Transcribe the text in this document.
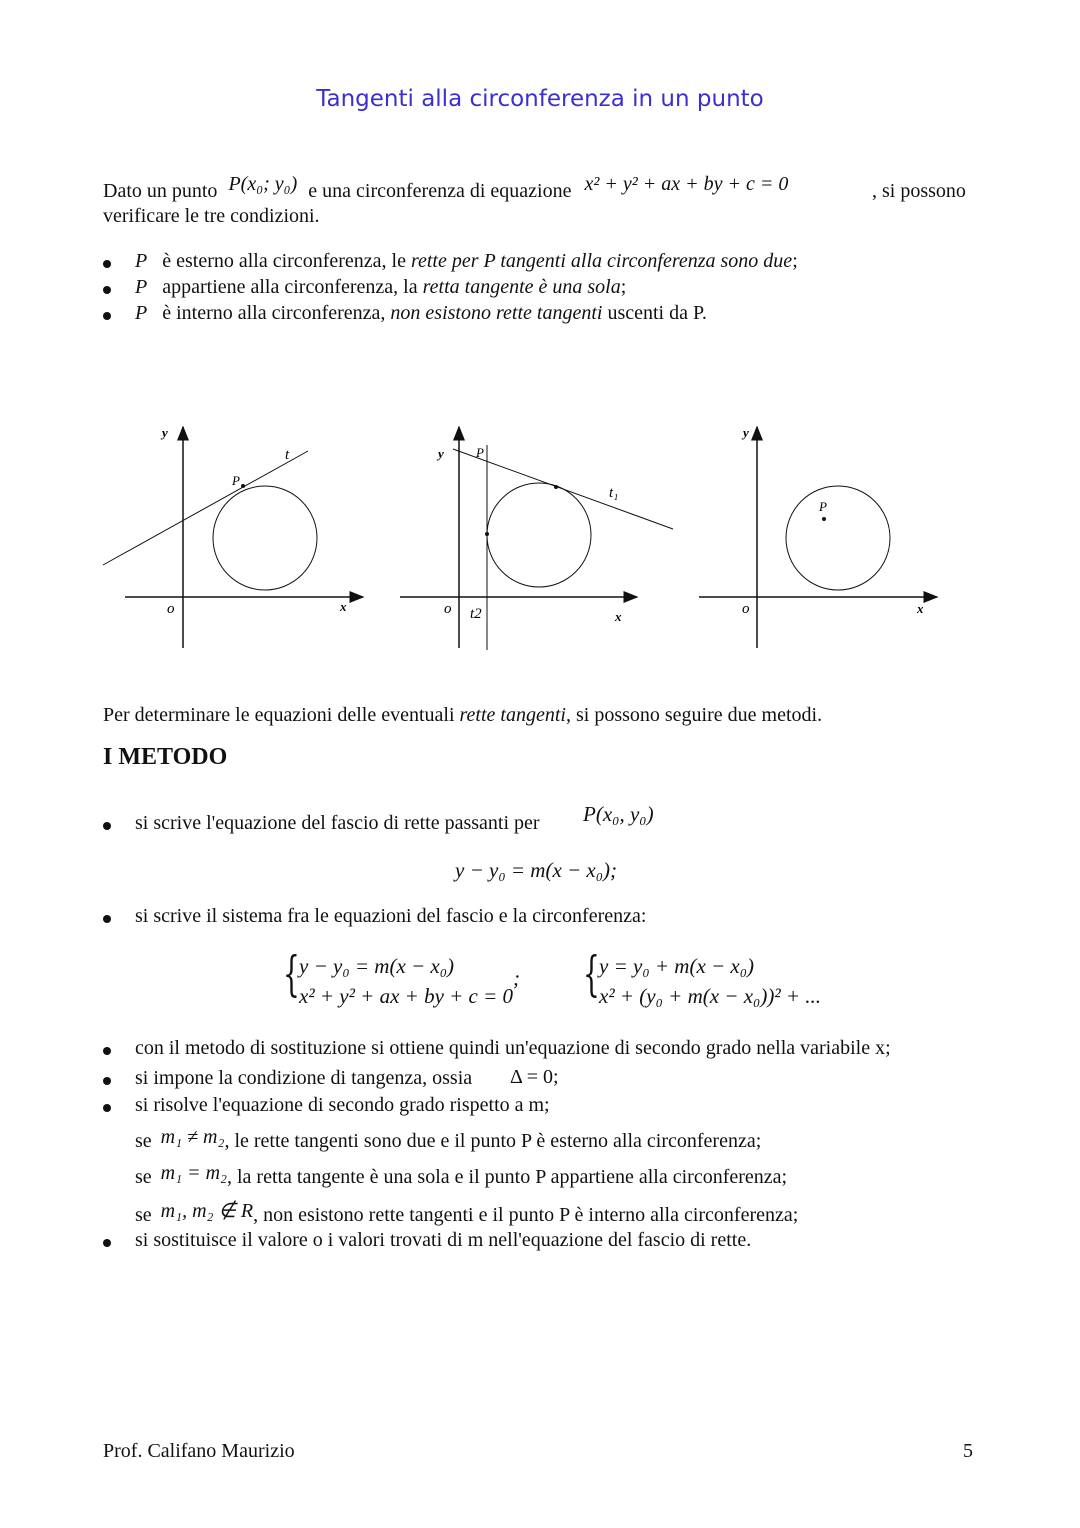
Tangenti alla circonferenza in un punto
Dato un punto P(x₀; y₀) e una circonferenza di equazione x² + y² + ax + by + c = 0	, si possono
verificare le tre condizioni.
P è esterno alla circonferenza, le rette per P tangenti alla circonferenza sono due;
P appartiene alla circonferenza, la retta tangente è una sola;
P è interno alla circonferenza, non esistono rette tangenti uscenti da P.
y
o	x
P
t	y
o	x
P
t₁
t2
y
o	x
P
Per determinare le equazioni delle eventuali rette tangenti, si possono seguire due metodi.
I METODO
si scrive l'equazione del fascio di rette passanti per P(x₀, y₀)
y − y₀ = m(x − x₀);
si scrive il sistema fra le equazioni del fascio e la circonferenza:
{ y − y₀ = m(x − x₀)
x² + y² + ax + by + c = 0
; { y = y₀ + m(x − x₀)
x² + (y₀ + m(x − x₀))² + ...
con il metodo di sostituzione si ottiene quindi un'equazione di secondo grado nella variabile x;
si impone la condizione di tangenza, ossia Δ = 0;
si risolve l'equazione di secondo grado rispetto a m;
se m₁ ≠ m₂, le rette tangenti sono due e il punto P è esterno alla circonferenza;
se m₁ = m₂, la retta tangente è una sola e il punto P appartiene alla circonferenza;
se m₁, m₂ ∉ R, non esistono rette tangenti e il punto P è interno alla circonferenza;
si sostituisce il valore o i valori trovati di m nell'equazione del fascio di rette.
Prof. Califano Maurizio	5
